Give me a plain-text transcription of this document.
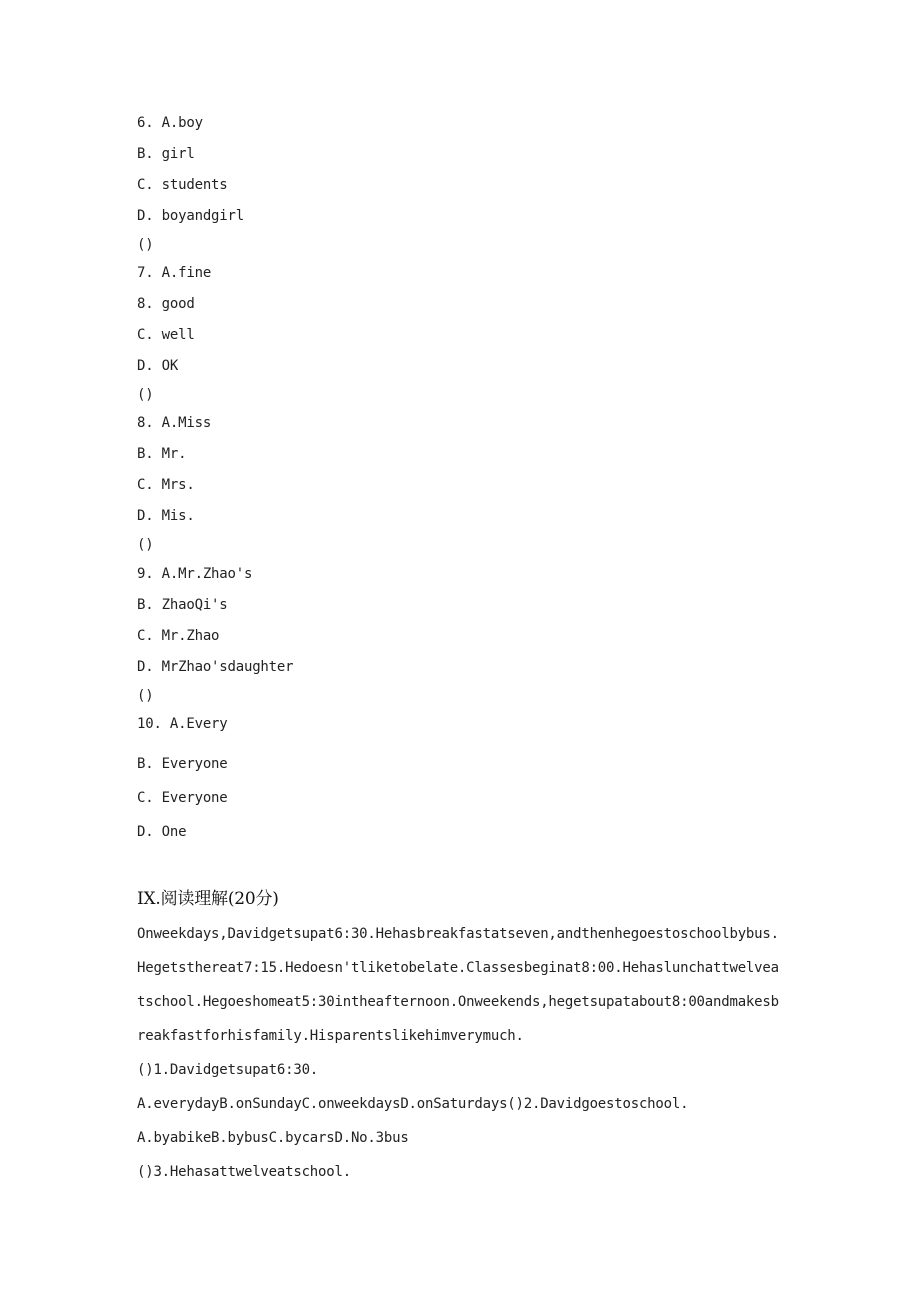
6. A.boy
B. girl
C. students
D. boyandgirl
()
7. A.fine
8. good
C. well
D. OK
()
8. A.Miss
B. Mr.
C. Mrs.
D. Mis.
()
9. A.Mr.Zhao's
B. ZhaoQi's
C. Mr.Zhao
D. MrZhao'sdaughter
()
10. A.Every
B. Everyone
C. Everyone
D. One
IX.阅读理解(20分)
Onweekdays,Davidgetsupat6:30.Hehasbreakfastatseven,andthenhegoestoschoolbybus.
Hegetsthereat7:15.Hedoesn'tliketobelate.Classesbeginat8:00.Hehaslunchattwelvea
tschool.Hegoeshomeat5:30intheafternoon.Onweekends,hegetsupatabout8:00andmakesb
reakfastforhisfamily.Hisparentslikehimverymuch.
()1.Davidgetsupat6:30.
A.everydayB.onSundayC.onweekdaysD.onSaturdays()2.Davidgoestoschool.
A.byabikeB.bybusC.bycarsD.No.3bus
()3.Hehasattwelveatschool.
